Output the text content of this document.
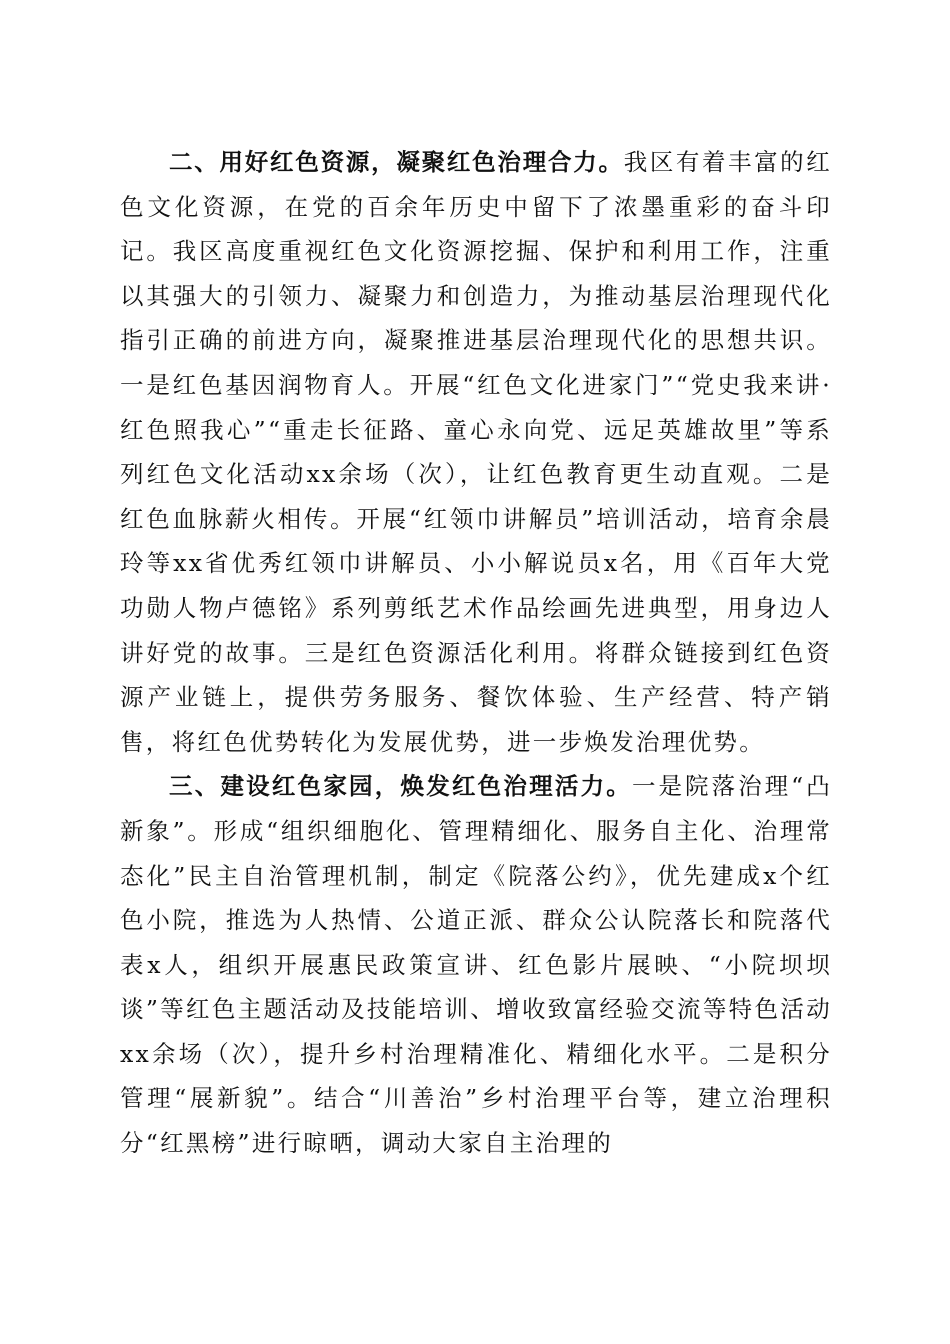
二、用好红色资源，凝聚红色治理合力。我区有着丰富的红色文化资源，在党的百余年历史中留下了浓墨重彩的奋斗印记。我区高度重视红色文化资源挖掘、保护和利用工作，注重以其强大的引领力、凝聚力和创造力，为推动基层治理现代化指引正确的前进方向，凝聚推进基层治理现代化的思想共识。一是红色基因润物育人。开展“红色文化进家门”“党史我来讲·红色照我心”“重走长征路、童心永向党、远足英雄故里”等系列红色文化活动xx余场（次），让红色教育更生动直观。二是红色血脉薪火相传。开展“红领巾讲解员”培训活动，培育余晨玲等xx省优秀红领巾讲解员、小小解说员x名，用《百年大党功勋人物卢德铭》系列剪纸艺术作品绘画先进典型，用身边人讲好党的故事。三是红色资源活化利用。将群众链接到红色资源产业链上，提供劳务服务、餐饮体验、生产经营、特产销售，将红色优势转化为发展优势，进一步焕发治理优势。

三、建设红色家园，焕发红色治理活力。一是院落治理“凸新象”。形成“组织细胞化、管理精细化、服务自主化、治理常态化”民主自治管理机制，制定《院落公约》，优先建成x个红色小院，推选为人热情、公道正派、群众公认院落长和院落代表x人，组织开展惠民政策宣讲、红色影片展映、“小院坝坝谈”等红色主题活动及技能培训、增收致富经验交流等特色活动xx余场（次），提升乡村治理精准化、精细化水平。二是积分管理“展新貌”。结合“川善治”乡村治理平台等，建立治理积分“红黑榜”进行晾晒，调动大家自主治理的
